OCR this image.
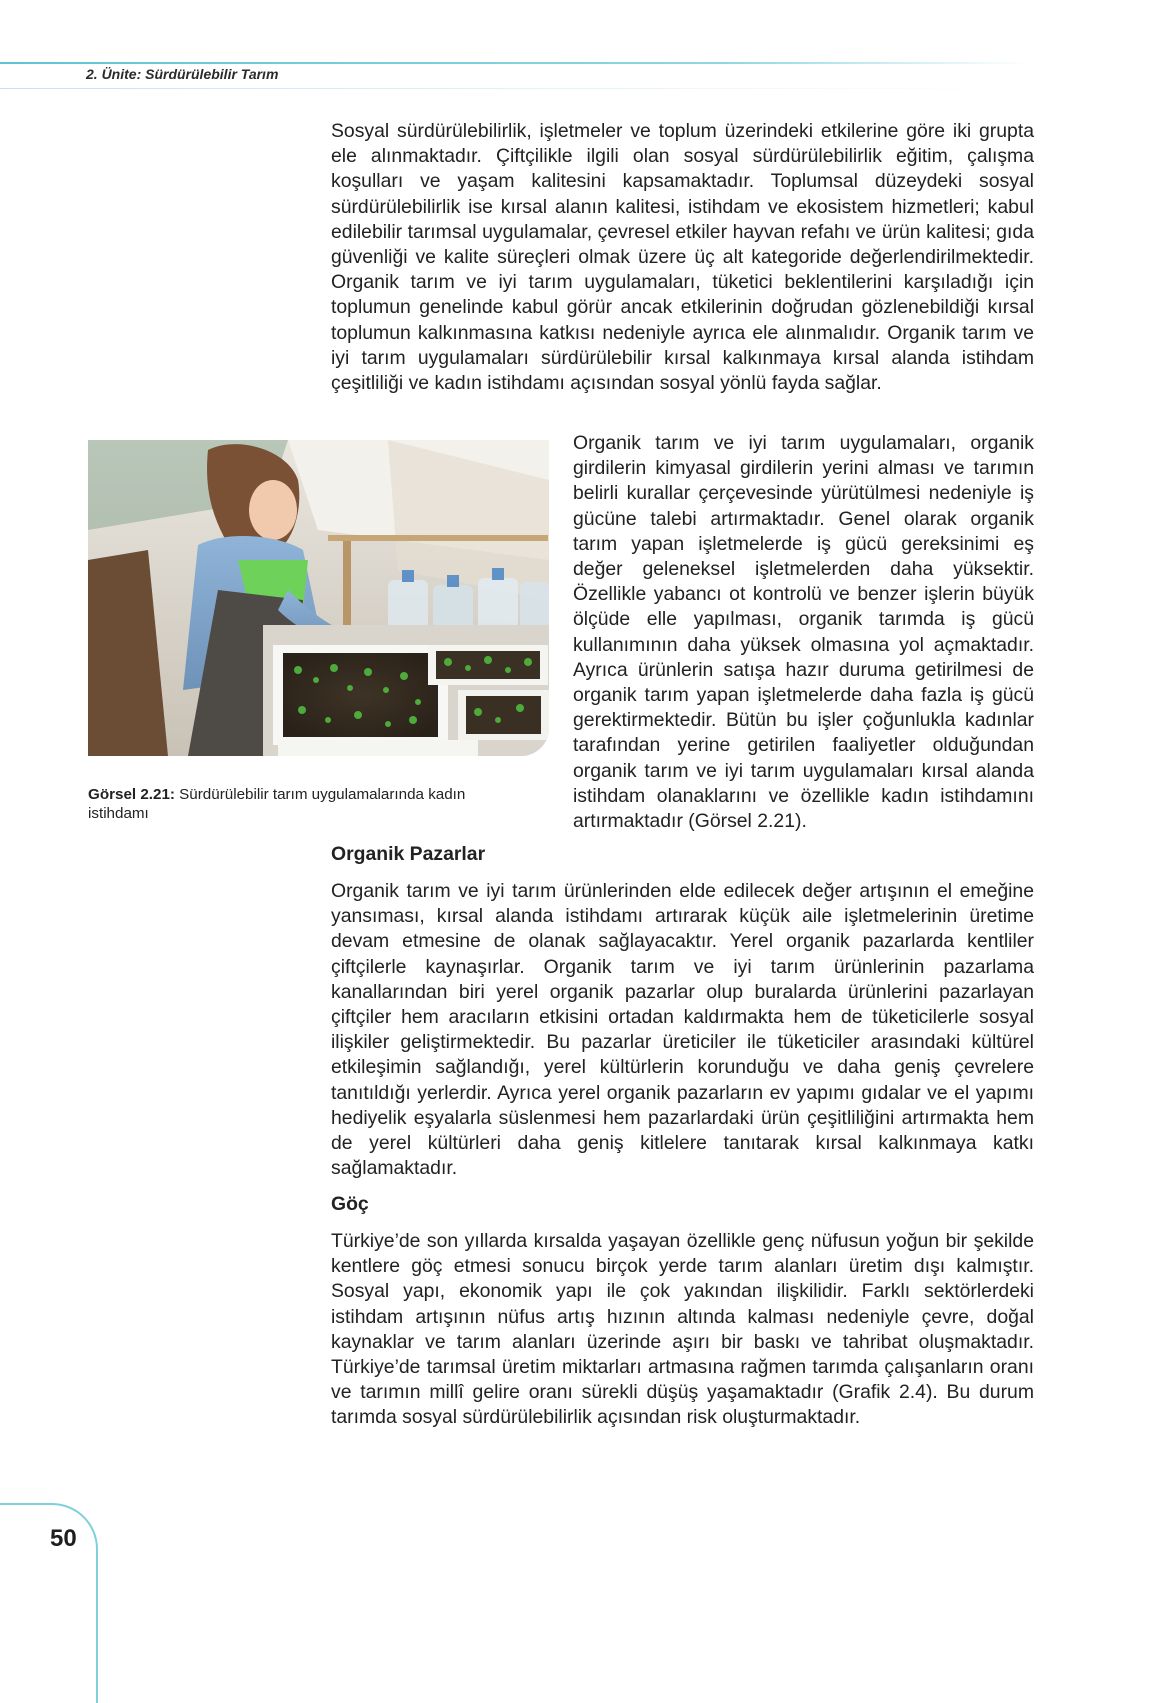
2. Ünite: Sürdürülebilir Tarım

Sosyal sürdürülebilirlik, işletmeler ve toplum üzerindeki etkilerine göre iki grupta ele alınmaktadır. Çiftçilikle ilgili olan sosyal sürdürülebilirlik eğitim, çalışma koşulları ve yaşam kalitesini kapsamaktadır. Toplumsal düzeydeki sosyal sürdürülebilirlik ise kırsal alanın kalitesi, istihdam ve ekosistem hizmetleri; kabul edilebilir tarımsal uygulamalar, çevresel etkiler hayvan refahı ve ürün kalitesi; gıda güvenliği ve kalite süreçleri olmak üzere üç alt kategoride değerlendirilmektedir. Organik tarım ve iyi tarım uygulamaları, tüketici beklentilerini karşıladığı için toplumun genelinde kabul görür ancak etkilerinin doğrudan gözlenebildiği kırsal toplumun kalkınmasına katkısı nedeniyle ayrıca ele alınmalıdır. Organik tarım ve iyi tarım uygulamaları sürdürülebilir kırsal kalkınmaya kırsal alanda istihdam çeşitliliği ve kadın istihdamı açısından sosyal yönlü fayda sağlar.

Görsel 2.21: Sürdürülebilir tarım uygulamalarında kadın istihdamı

Organik tarım ve iyi tarım uygulamaları, organik girdilerin kimyasal girdilerin yerini alması ve tarımın belirli kurallar çerçevesinde yürütülmesi nedeniyle iş gücüne talebi artırmaktadır. Genel olarak organik tarım yapan işletmelerde iş gücü gereksinimi eş değer geleneksel işletmelerden daha yüksektir. Özellikle yabancı ot kontrolü ve benzer işlerin büyük ölçüde elle yapılması, organik tarımda iş gücü kullanımının daha yüksek olmasına yol açmaktadır. Ayrıca ürünlerin satışa hazır duruma getirilmesi de organik tarım yapan işletmelerde daha fazla iş gücü gerektirmektedir. Bütün bu işler çoğunlukla kadınlar tarafından yerine getirilen faaliyetler olduğundan organik tarım ve iyi tarım uygulamaları kırsal alanda istihdam olanaklarını ve özellikle kadın istihdamını artırmaktadır (Görsel 2.21).

Organik Pazarlar

Organik tarım ve iyi tarım ürünlerinden elde edilecek değer artışının el emeğine yansıması, kırsal alanda istihdamı artırarak küçük aile işletmelerinin üretime devam etmesine de olanak sağlayacaktır. Yerel organik pazarlarda kentliler çiftçilerle kaynaşırlar. Organik tarım ve iyi tarım ürünlerinin pazarlama kanallarından biri yerel organik pazarlar olup buralarda ürünlerini pazarlayan çiftçiler hem aracıların etkisini ortadan kaldırmakta hem de tüketicilerle sosyal ilişkiler geliştirmektedir. Bu pazarlar üreticiler ile tüketiciler arasındaki kültürel etkileşimin sağlandığı, yerel kültürlerin korunduğu ve daha geniş çevrelere tanıtıldığı yerlerdir. Ayrıca yerel organik pazarların ev yapımı gıdalar ve el yapımı hediyelik eşyalarla süslenmesi hem pazarlardaki ürün çeşitliliğini artırmakta hem de yerel kültürleri daha geniş kitlelere tanıtarak kırsal kalkınmaya katkı sağlamaktadır.

Göç

Türkiye’de son yıllarda kırsalda yaşayan özellikle genç nüfusun yoğun bir şekilde kentlere göç etmesi sonucu birçok yerde tarım alanları üretim dışı kalmıştır. Sosyal yapı, ekonomik yapı ile çok yakından ilişkilidir. Farklı sektörlerdeki istihdam artışının nüfus artış hızının altında kalması nedeniyle çevre, doğal kaynaklar ve tarım alanları üzerinde aşırı bir baskı ve tahribat oluşmaktadır. Türkiye’de tarımsal üretim miktarları artmasına rağmen tarımda çalışanların oranı ve tarımın millî gelire oranı sürekli düşüş yaşamaktadır (Grafik 2.4). Bu durum tarımda sosyal sürdürülebilirlik açısından risk oluşturmaktadır.

50
